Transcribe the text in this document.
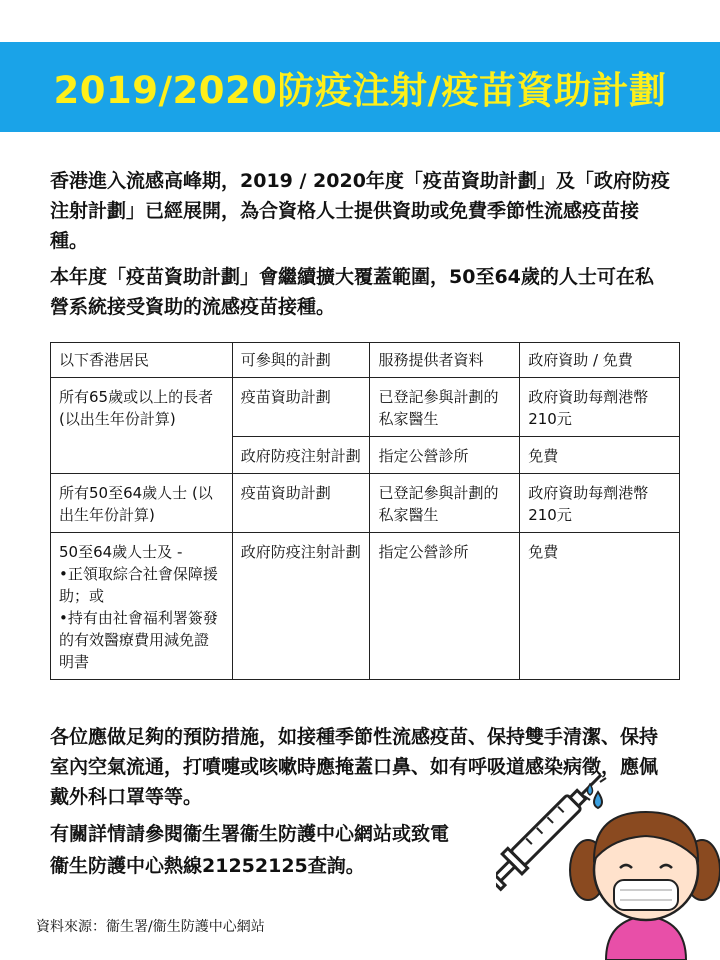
2019/2020防疫注射/疫苗資助計劃

香港進入流感高峰期，2019 / 2020年度「疫苗資助計劃」及「政府防疫注射計劃」已經展開，為合資格人士提供資助或免費季節性流感疫苗接種。

本年度「疫苗資助計劃」會繼續擴大覆蓋範圍，50至64歲的人士可在私營系統接受資助的流感疫苗接種。

以下香港居民	可參與的計劃	服務提供者資料	政府資助 / 免費
所有65歲或以上的長者 (以出生年份計算)	疫苗資助計劃	已登記參與計劃的私家醫生	政府資助每劑港幣210元
	政府防疫注射計劃	指定公營診所	免費
所有50至64歲人士 (以出生年份計算)	疫苗資助計劃	已登記參與計劃的私家醫生	政府資助每劑港幣210元

50至64歲人士及 -
•正領取綜合社會保障援助；或
•持有由社會福利署簽發的有效醫療費用減免證明書	政府防疫注射計劃	指定公營診所	免費

各位應做足夠的預防措施，如接種季節性流感疫苗、保持雙手清潔、保持室內空氣流通，打噴嚏或咳嗽時應掩蓋口鼻、如有呼吸道感染病徵，應佩戴外科口罩等等。

有關詳情請參閱衞生署衞生防護中心網站或致電
衞生防護中心熱線21252125查詢。

資料來源：衞生署/衞生防護中心網站
